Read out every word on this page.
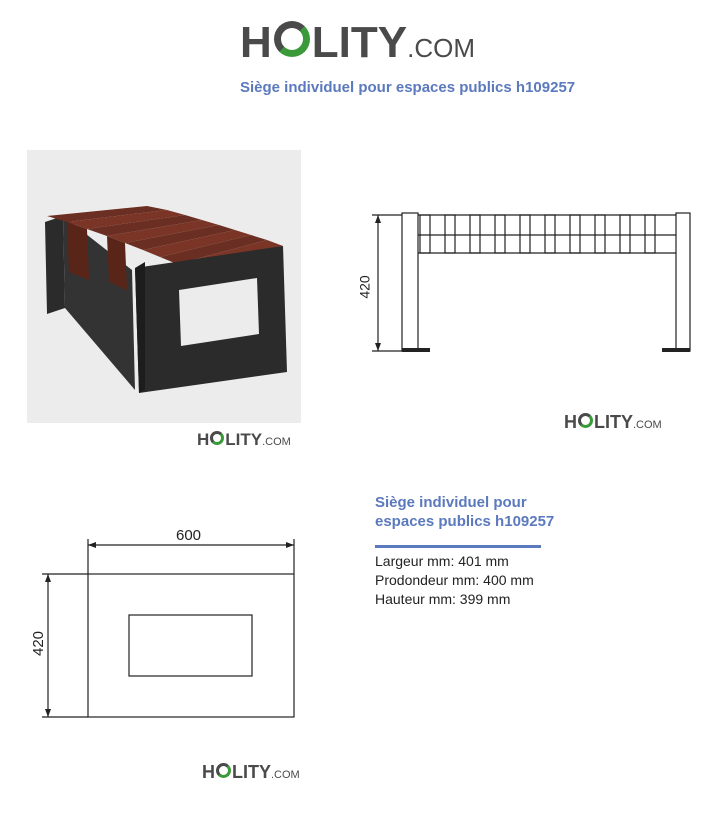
H LITY .COM
Siège individuel pour espaces publics h109257
H LITY .COM
420
H LITY .COM
600
420
H LITY .COM
Siège individuel pour
espaces publics h109257
Largeur mm: 401 mm
Prodondeur mm: 400 mm
Hauteur mm: 399 mm
